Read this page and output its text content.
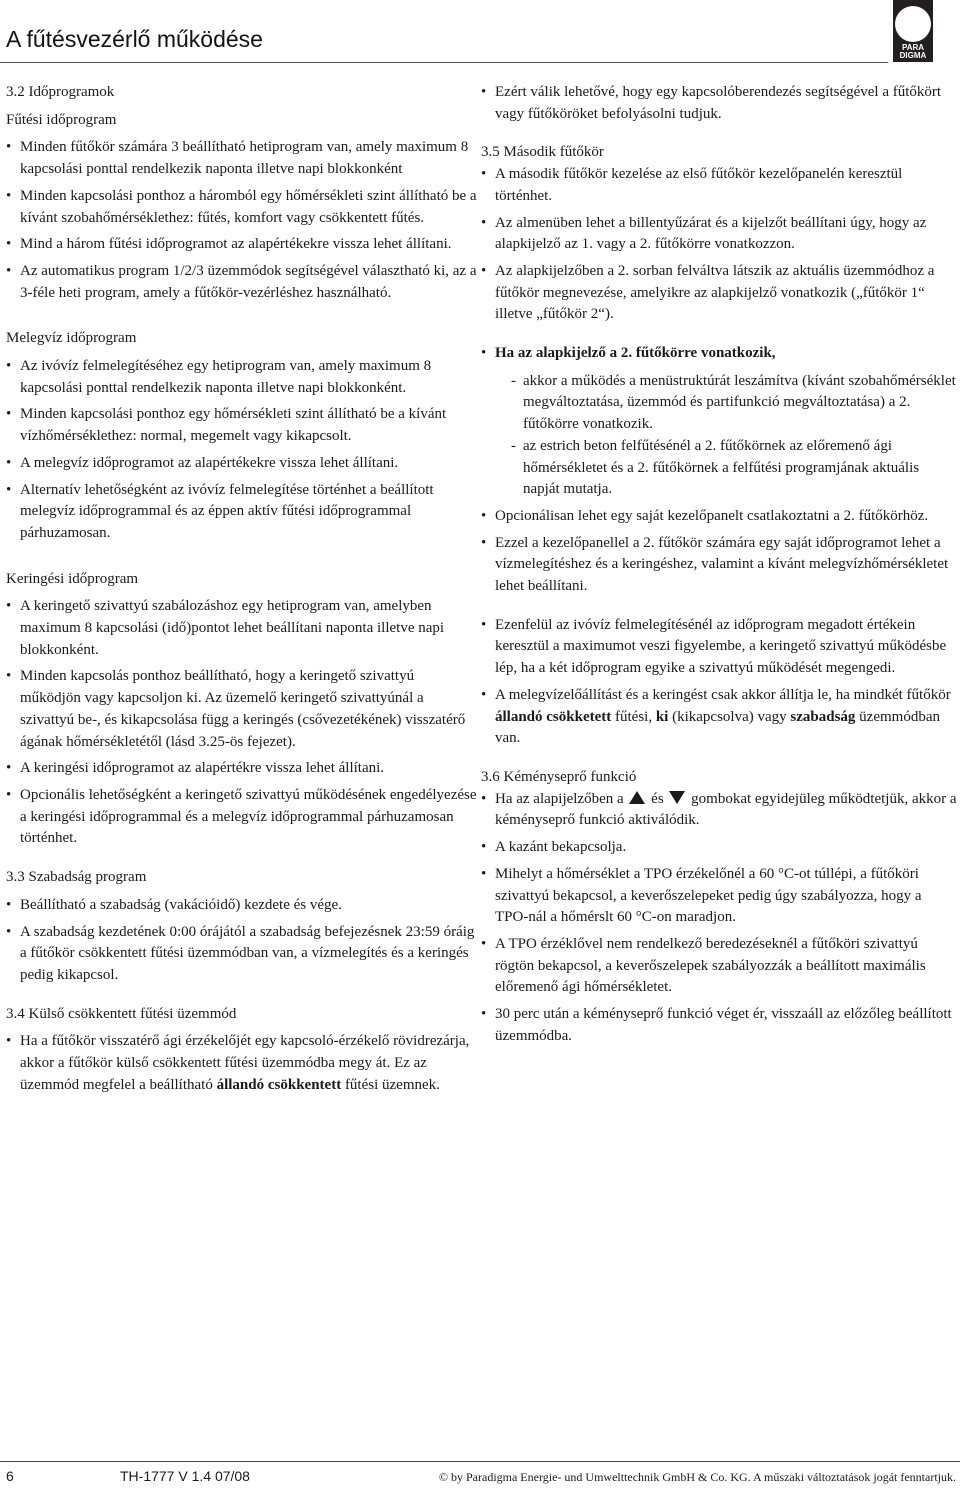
A fűtésvezérlő működése	PARA
DIGMA
3.2 Időprogramok
Fűtési időprogram
• Minden fűtőkör számára 3 beállítható hetiprogram van, amely maximum 8 kapcsolási ponttal rendelkezik naponta illetve napi blokkonként
• Minden kapcsolási ponthoz a háromból egy hőmérsékleti szint állítható be a kívánt szobahőmérséklethez: fűtés, komfort vagy csökkentett fűtés.
• Mind a három fűtési időprogramot az alapértékekre vissza lehet állítani.
• Az automatikus program 1/2/3 üzemmódok segítségével választható ki, az a 3-féle heti program, amely a fűtőkör-vezérléshez használható.
Melegvíz időprogram
• Az ivóvíz felmelegítéséhez egy hetiprogram van, amely maximum 8 kapcsolási ponttal rendelkezik naponta illetve napi blokkonként.
• Minden kapcsolási ponthoz egy hőmérsékleti szint állítható be a kívánt vízhőmérséklethez: normal, megemelt vagy kikapcsolt.
• A melegvíz időprogramot az alapértékekre vissza lehet állítani.
• Alternatív lehetőségként az ivóvíz felmelegítése történhet a beállított melegvíz időprogrammal és az éppen aktív fűtési időprogrammal párhuzamosan.
Keringési időprogram
• A keringető szivattyú szabálozáshoz egy hetiprogram van, amelyben maximum 8 kapcsolási (idő)pontot lehet beállítani naponta illetve napi blokkonként.
• Minden kapcsolás ponthoz beállítható, hogy a keringető szivattyú működjön vagy kapcsoljon ki. Az üzemelő keringető szivattyúnál a szivattyú be-, és kikapcsolása függ a keringés (csővezetékének) visszatérő ágának hőmérsékletétől (lásd 3.25-ös fejezet).
• A keringési időprogramot az alapértékre vissza lehet állítani.
• Opcionális lehetőségként a keringető szivattyú működésének engedélyezése a keringési időprogrammal és a melegvíz időprogrammal párhuzamosan történhet.
3.3 Szabadság program
• Beállítható a szabadság (vakációidő) kezdete és vége.
• A szabadság kezdetének 0:00 órájától a szabadság befejezésnek 23:59 óráig a fűtőkör csökkentett fűtési üzemmódban van, a vízmelegítés és a keringés pedig kikapcsol.
3.4 Külső csökkentett fűtési üzemmód
• Ha a fűtőkör visszatérő ági érzékelőjét egy kapcsoló-érzékelő rövidrezárja, akkor a fűtőkör külső csökkentett fűtési üzemmódba megy át. Ez az üzemmód megfelel a beállítható állandó csökkentett fűtési üzemnek.
• Ezért válik lehetővé, hogy egy kapcsolóberendezés segítségével a fűtőkört vagy fűtőköröket befolyásolni tudjuk.
3.5 Második fűtőkör
• A második fűtőkör kezelése az első fűtőkör kezelőpanelén keresztül történhet.
• Az almenüben lehet a billentyűzárat és a kijelzőt beállítani úgy, hogy az alapkijelző az 1. vagy a 2. fűtőkörre vonatkozzon.
• Az alapkijelzőben a 2. sorban felváltva látszik az aktuális üzemmódhoz a fűtőkör megnevezése, amelyikre az alapkijelző vonatkozik („fűtőkör 1“ illetve „fűtőkör 2“).
• Ha az alapkijelző a 2. fűtőkörre vonatkozik,
- akkor a működés a menüstruktúrát leszámítva (kívánt szobahőmérséklet megváltoztatása, üzemmód és partifunkció megváltoztatása) a 2. fűtőkörre vonatkozik.
- az estrich beton felfűtésénél a 2. fűtőkörnek az előremenő ági hőmérsékletet és a 2. fűtőkörnek a felfűtési programjának aktuális napját mutatja.
• Opcionálisan lehet egy saját kezelőpanelt csatlakoztatni a 2. fűtőkörhöz.
• Ezzel a kezelőpanellel a 2. fűtőkör számára egy saját időprogramot lehet a vízmelegítéshez és a keringéshez, valamint a kívánt melegvízhőmérsékletet lehet beállítani.
• Ezenfelül az ivóvíz felmelegítésénél az időprogram megadott értékein keresztül a maximumot veszi figyelembe, a keringető szivattyú működésbe lép, ha a két időprogram egyike a szivattyú működését megengedi.
• A melegvízelőállítást és a keringést csak akkor állítja le, ha mindkét fűtőkör állandó csökketett fűtési, ki (kikapcsolva) vagy szabadság üzemmódban van.
3.6 Kéményseprő funkció
• Ha az alapijelzőben a és gombokat egyidejüleg működtetjük, akkor a kéményseprő funkció aktiválódik.
• A kazánt bekapcsolja.
• Mihelyt a hőmérséklet a TPO érzékelőnél a 60 °C-ot túllépi, a fűtőköri szivattyú bekapcsol, a keverőszelepeket pedig úgy szabályozza, hogy a TPO-nál a hőmérslt 60 °C-on maradjon.
• A TPO érzéklővel nem rendelkező beredezéseknél a fűtőköri szivattyú rögtön bekapcsol, a keverőszelepek szabályozzák a beállított maximális előremenő ági hőmérsékletet.
• 30 perc után a kéményseprő funkció véget ér, visszaáll az előzőleg beállított üzemmódba.
6	TH-1777 V 1.4 07/08	© by Paradigma Energie- und Umwelttechnik GmbH & Co. KG. A műszaki változtatások jogát fenntartjuk.
